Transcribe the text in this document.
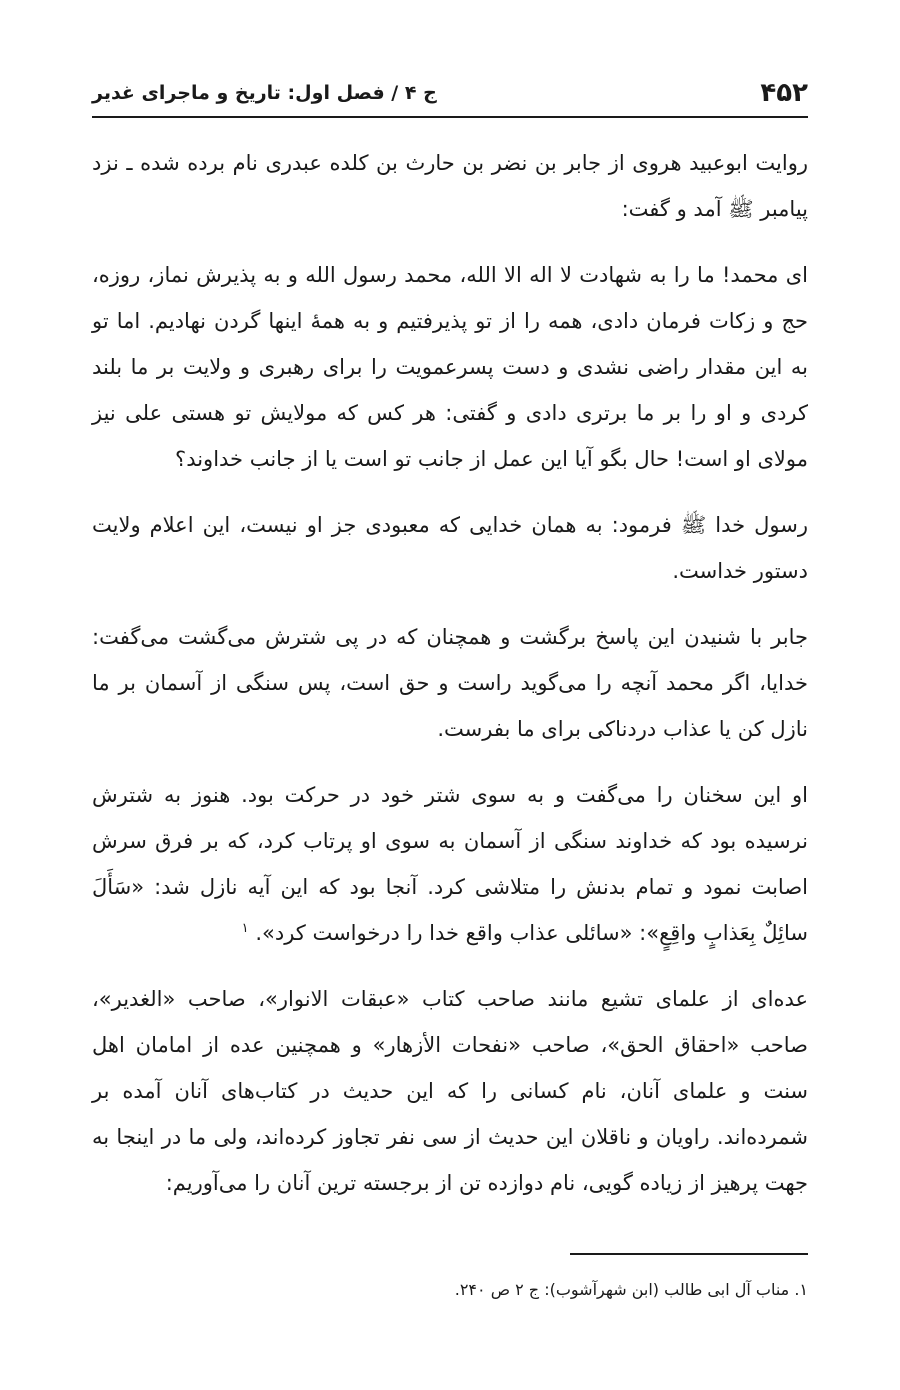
۴۵۲
ج ۴ / فصل اول: تاریخ و ماجرای غدیر

روایت ابوعبید هروی از جابر بن نضر بن حارث بن کلده عبدری نام برده شده ـ نزد پیامبر ﷺ آمد و گفت:

ای محمد! ما را به شهادت لا اله الا الله، محمد رسول الله و به پذیرش نماز، روزه، حج و زکات فرمان دادی، همه را از تو پذیرفتیم و به همهٔ اینها گردن نهادیم. اما تو به این مقدار راضی نشدی و دست پسرعمویت را برای رهبری و ولایت بر ما بلند کردی و او را بر ما برتری دادی و گفتی: هر کس که مولایش تو هستی علی نیز مولای او است! حال بگو آیا این عمل از جانب تو است یا از جانب خداوند؟

رسول خدا ﷺ فرمود: به همان خدایی که معبودی جز او نیست، این اعلام ولایت دستور خداست.

جابر با شنیدن این پاسخ برگشت و همچنان که در پی شترش می‌گشت می‌گفت: خدایا، اگر محمد آنچه را می‌گوید راست و حق است، پس سنگی از آسمان بر ما نازل کن یا عذاب دردناکی برای ما بفرست.

او این سخنان را می‌گفت و به سوی شتر خود در حرکت بود. هنوز به شترش نرسیده بود که خداوند سنگی از آسمان به سوی او پرتاب کرد، که بر فرق سرش اصابت نمود و تمام بدنش را متلاشی کرد. آنجا بود که این آیه نازل شد: «سَأَلَ سائِلٌ بِعَذابٍ واقِعٍ»: «سائلی عذاب واقع خدا را درخواست کرد». $^۱$

عده‌ای از علمای تشیع مانند صاحب کتاب «عبقات الانوار»، صاحب «الغدیر»، صاحب «احقاق الحق»، صاحب «نفحات الأزهار» و همچنین عده از امامان اهل سنت و علمای آنان، نام کسانی را که این حدیث در کتاب‌های آنان آمده بر شمرده‌اند. راویان و ناقلان این حدیث از سی نفر تجاوز کرده‌اند، ولی ما در اینجا به جهت پرهیز از زیاده گویی، نام دوازده تن از برجسته ترین آنان را می‌آوریم:

۱. مناب آل ابی طالب (ابن شهرآشوب): ج ۲ ص ۲۴۰.
